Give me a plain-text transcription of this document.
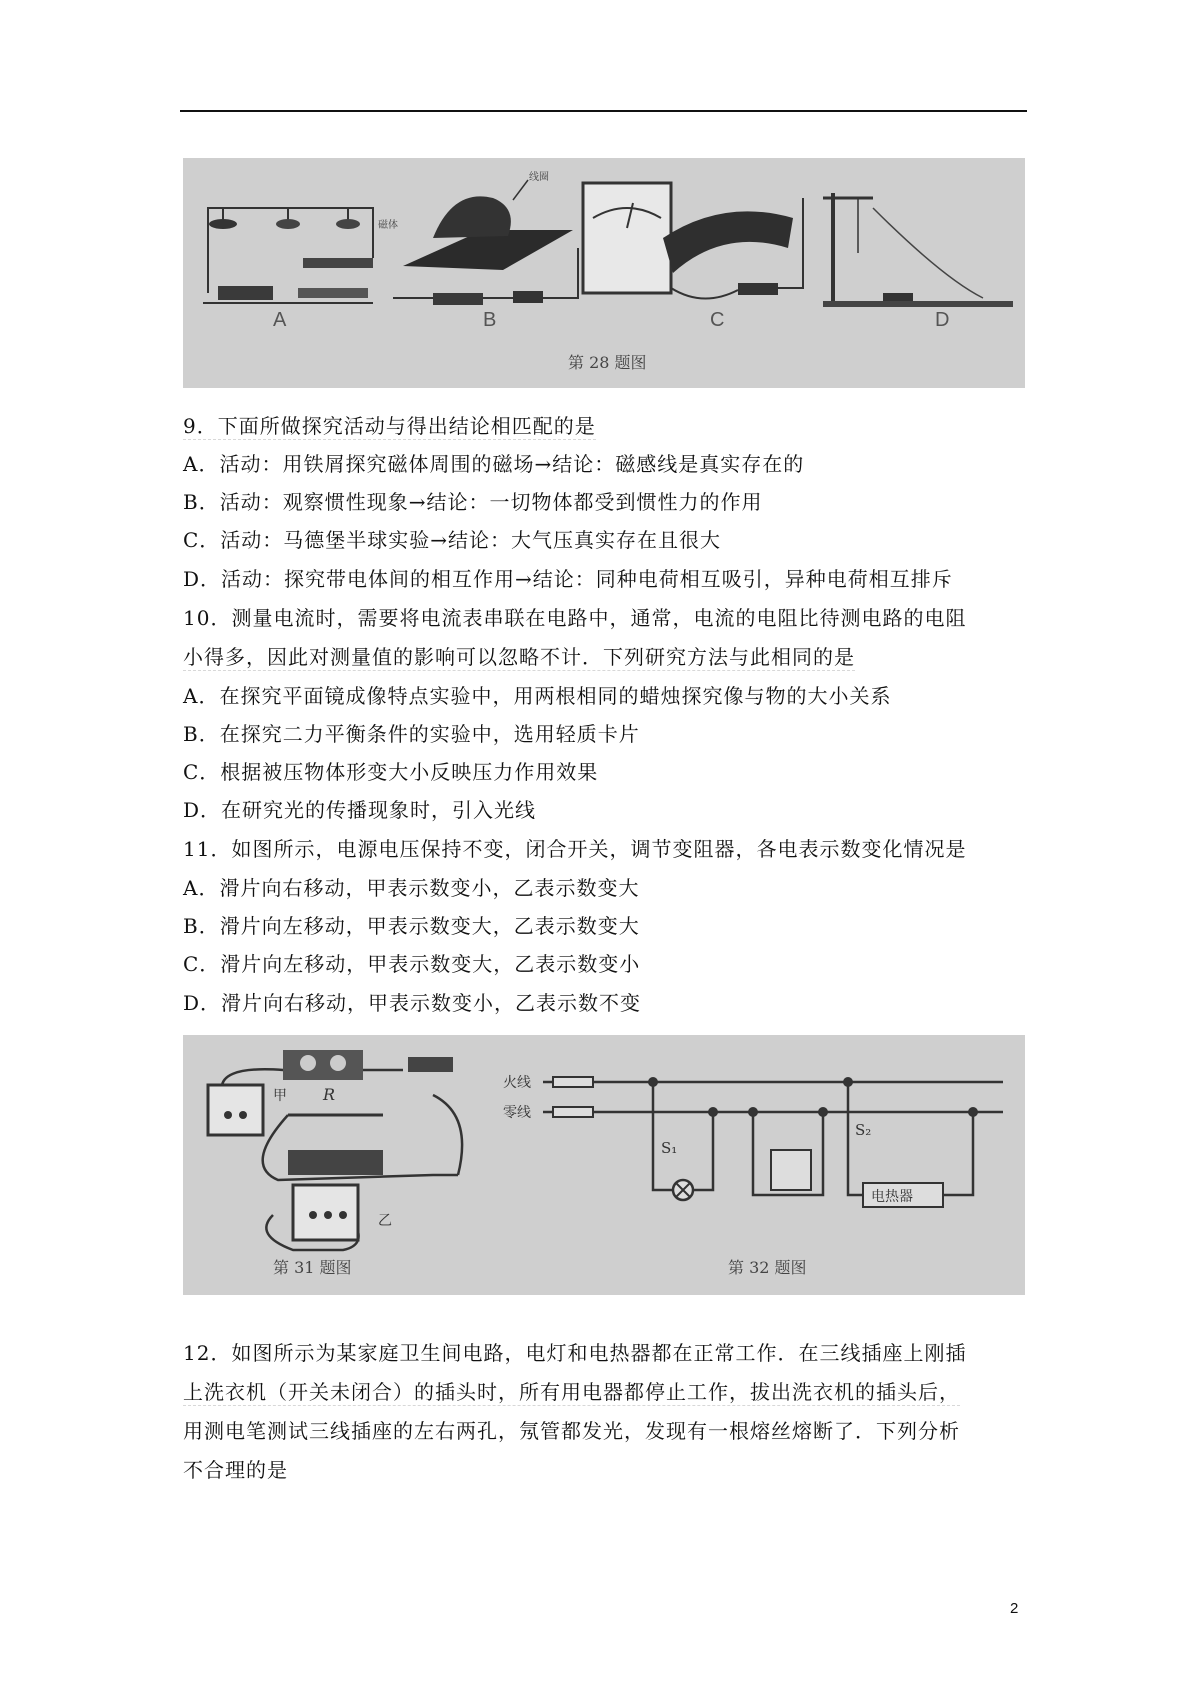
线圈
磁体
A	B	C	D
第 28 题图
9．下面所做探究活动与得出结论相匹配的是
A．活动：用铁屑探究磁体周围的磁场→结论：磁感线是真实存在的
B．活动：观察惯性现象→结论：一切物体都受到惯性力的作用
C．活动：马德堡半球实验→结论：大气压真实存在且很大
D．活动：探究带电体间的相互作用→结论：同种电荷相互吸引，异种电荷相互排斥
10．测量电流时，需要将电流表串联在电路中，通常，电流的电阻比待测电路的电阻
小得多，因此对测量值的影响可以忽略不计．下列研究方法与此相同的是
A．在探究平面镜成像特点实验中，用两根相同的蜡烛探究像与物的大小关系
B．在探究二力平衡条件的实验中，选用轻质卡片
C．根据被压物体形变大小反映压力作用效果
D．在研究光的传播现象时，引入光线
11．如图所示，电源电压保持不变，闭合开关，调节变阻器，各电表示数变化情况是
A．滑片向右移动，甲表示数变小，乙表示数变大
B．滑片向左移动，甲表示数变大，乙表示数变大
C．滑片向左移动，甲表示数变大，乙表示数变小
D．滑片向右移动，甲表示数变小，乙表示数不变
甲 R
乙
第 31 题图
火线
零线
S₁
S₂
电热器
第 32 题图
12．如图所示为某家庭卫生间电路，电灯和电热器都在正常工作．在三线插座上刚插
上洗衣机（开关未闭合）的插头时，所有用电器都停止工作，拔出洗衣机的插头后，
用测电笔测试三线插座的左右两孔，氖管都发光，发现有一根熔丝熔断了．下列分析
不合理的是
2
